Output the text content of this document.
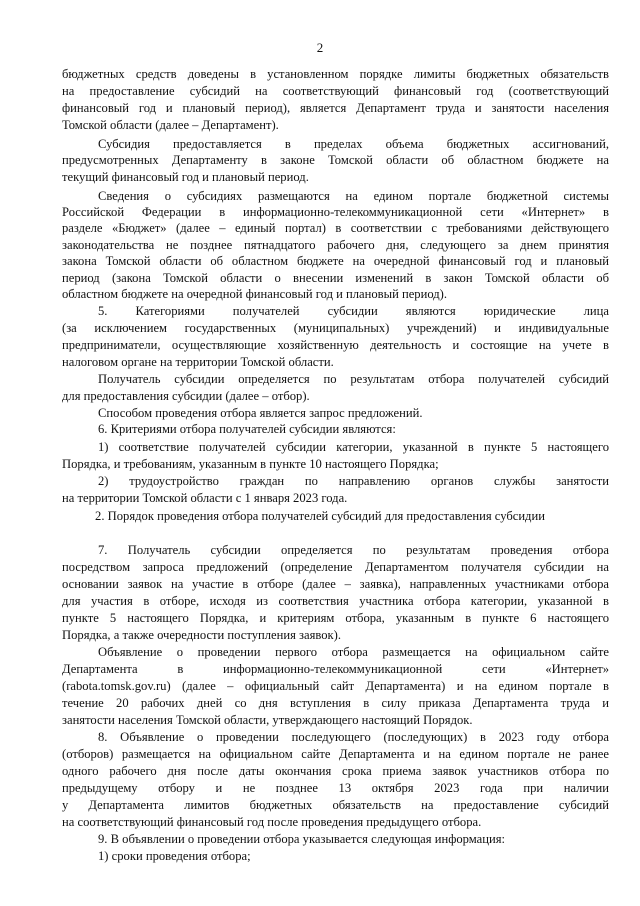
2
бюджетных средств доведены в установленном порядке лимиты бюджетных обязательств
на предоставление субсидий на соответствующий финансовый год (соответствующий
финансовый год и плановый период), является Департамент труда и занятости населения
Томской области (далее – Департамент).
Субсидия предоставляется в пределах объема бюджетных ассигнований,
предусмотренных Департаменту в законе Томской области об областном бюджете на
текущий финансовый год и плановый период.
Сведения о субсидиях размещаются на едином портале бюджетной системы
Российской Федерации в информационно-телекоммуникационной сети «Интернет» в
разделе «Бюджет» (далее – единый портал) в соответствии с требованиями действующего
законодательства не позднее пятнадцатого рабочего дня, следующего за днем принятия
закона Томской области об областном бюджете на очередной финансовый год и плановый
период (закона Томской области о внесении изменений в закон Томской области об
областном бюджете на очередной финансовый год и плановый период).
5. Категориями получателей субсидии являются юридические лица
(за исключением государственных (муниципальных) учреждений) и индивидуальные
предприниматели, осуществляющие хозяйственную деятельность и состоящие на учете в
налоговом органе на территории Томской области.
Получатель субсидии определяется по результатам отбора получателей субсидий
для предоставления субсидии (далее – отбор).
Способом проведения отбора является запрос предложений.
6. Критериями отбора получателей субсидии являются:
1) соответствие получателей субсидии категории, указанной в пункте 5 настоящего
Порядка, и требованиям, указанным в пункте 10 настоящего Порядка;
2) трудоустройство граждан по направлению органов службы занятости
на территории Томской области с 1 января 2023 года.
2. Порядок проведения отбора получателей субсидий для предоставления субсидии
7. Получатель субсидии определяется по результатам проведения отбора
посредством запроса предложений (определение Департаментом получателя субсидии на
основании заявок на участие в отборе (далее – заявка), направленных участниками отбора
для участия в отборе, исходя из соответствия участника отбора категории, указанной в
пункте 5 настоящего Порядка, и критериям отбора, указанным в пункте 6 настоящего
Порядка, а также очередности поступления заявок).
Объявление о проведении первого отбора размещается на официальном сайте
Департамента в информационно-телекоммуникационной сети «Интернет»
(rabota.tomsk.gov.ru) (далее – официальный сайт Департамента) и на едином портале в
течение 20 рабочих дней со дня вступления в силу приказа Департамента труда и
занятости населения Томской области, утверждающего настоящий Порядок.
8. Объявление о проведении последующего (последующих) в 2023 году отбора
(отборов) размещается на официальном сайте Департамента и на едином портале не ранее
одного рабочего дня после даты окончания срока приема заявок участников отбора по
предыдущему отбору и не позднее 13 октября 2023 года при наличии
у Департамента лимитов бюджетных обязательств на предоставление субсидий
на соответствующий финансовый год после проведения предыдущего отбора.
9. В объявлении о проведении отбора указывается следующая информация:
1) сроки проведения отбора;
